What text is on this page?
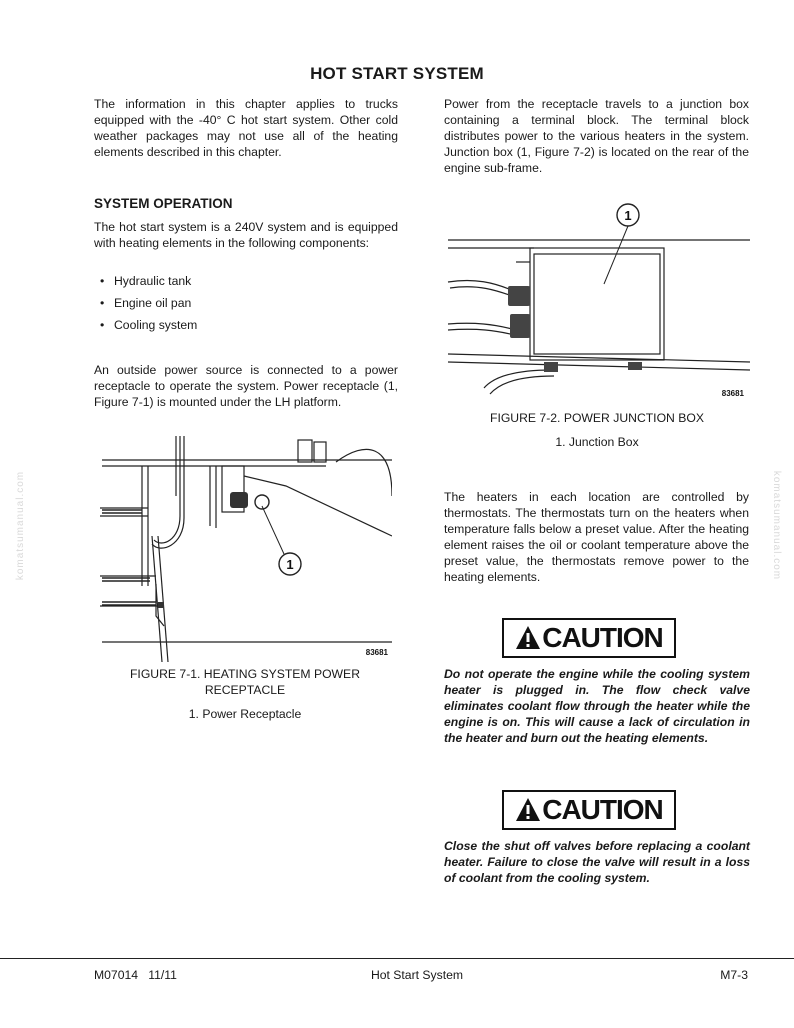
HOT START SYSTEM

The information in this chapter applies to trucks equipped with the -40° C hot start system. Other cold weather packages may not use all of the heating elements described in this chapter.

Power from the receptacle travels to a junction box containing a terminal block. The terminal block distributes power to the various heaters in the system. Junction box (1, Figure 7-2) is located on the rear of the engine sub-frame.

SYSTEM OPERATION

The hot start system is a 240V system and is equipped with heating elements in the following components:

• Hydraulic tank
• Engine oil pan
• Cooling system

An outside power source is connected to a power receptacle to operate the system. Power receptacle (1, Figure 7-1) is mounted under the LH platform.

1
83681
FIGURE 7-1. HEATING SYSTEM POWER RECEPTACLE
1. Power Receptacle
1
83681
FIGURE 7-2. POWER JUNCTION BOX
1. Junction Box

The heaters in each location are controlled by thermostats. The thermostats turn on the heaters when temperature falls below a preset value. After the heating element raises the oil or coolant temperature above the preset value, the thermostats remove power to the heating elements.

CAUTION

Do not operate the engine while the cooling system heater is plugged in. The flow check valve eliminates coolant flow through the heater while the engine is on. This will cause a lack of circulation in the heater and burn out the heating elements.

CAUTION

Close the shut off valves before replacing a coolant heater. Failure to close the valve will result in a loss of coolant from the cooling system.

komatsumanual.com	komatsumanual.com
M07014   11/11	Hot Start System	M7-3
